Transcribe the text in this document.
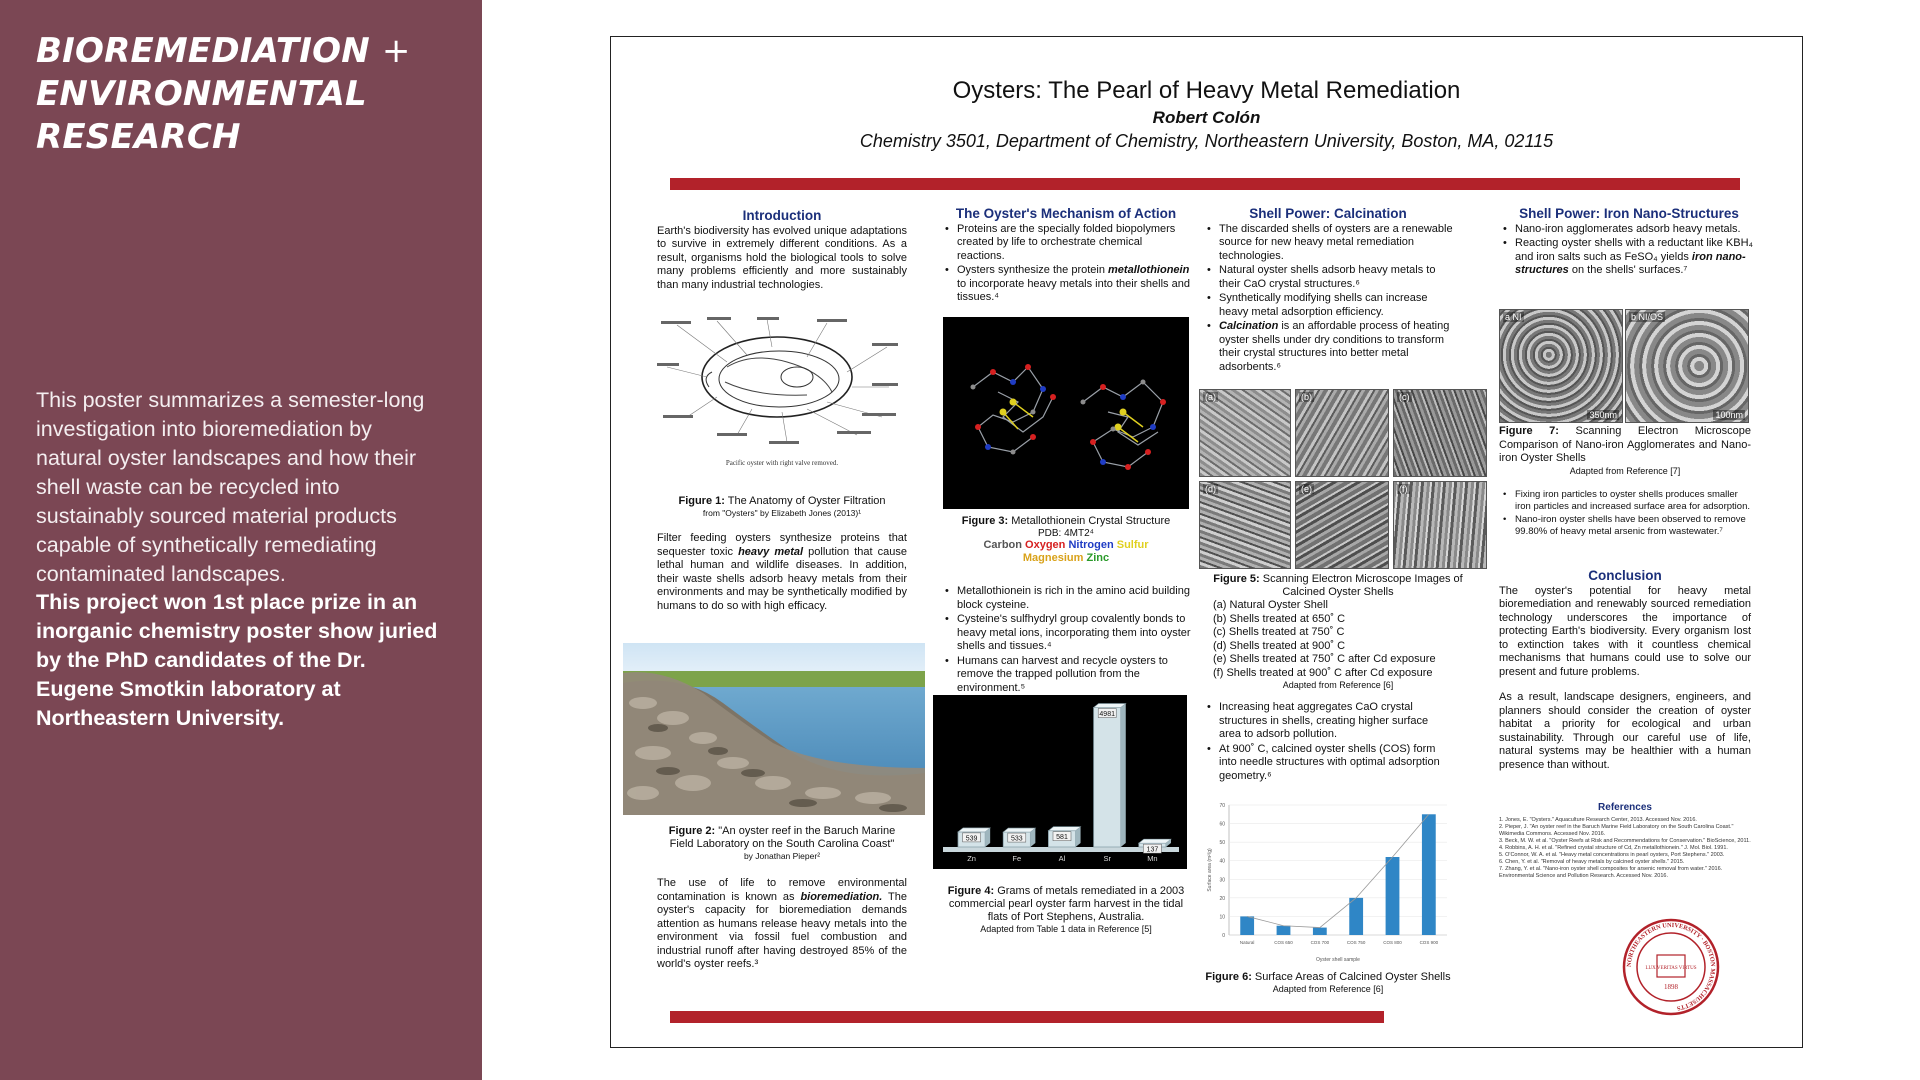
BIOREMEDIATION +
ENVIRONMENTAL
RESEARCH

This poster summarizes a semester-long investigation into bioremediation by natural oyster landscapes and how their shell waste can be recycled into sustainably sourced material products capable of synthetically remediating contaminated landscapes.

This project won 1st place prize in an inorganic chemistry poster show juried by the PhD candidates of the Dr. Eugene Smotkin laboratory at Northeastern University.

Oysters: The Pearl of Heavy Metal Remediation
Robert Colón
Chemistry 3501, Department of Chemistry, Northeastern University, Boston, MA, 02115
Introduction

Earth's biodiversity has evolved unique adaptations to survive in extremely different conditions. As a result, organisms hold the biological tools to solve many problems efficiently and more sustainably than many industrial technologies.

Pacific oyster with right valve removed.
Figure 1: The Anatomy of Oyster Filtration
from "Oysters" by Elizabeth Jones (2013)¹
Filter feeding oysters synthesize proteins that sequester toxic heavy metal pollution that cause lethal human and wildlife diseases. In addition, their waste shells adsorb heavy metals from their environments and may be synthetically modified by humans to do so with high efficacy.
Figure 2: "An oyster reef in the Baruch Marine Field Laboratory on the South Carolina Coast"
by Jonathan Pieper²
The use of life to remove environmental contamination is known as bioremediation. The oyster's capacity for bioremediation demands attention as humans release heavy metals into the environment via fossil fuel combustion and industrial runoff after having destroyed 85% of the world's oyster reefs.³
The Oyster's Mechanism of Action
• Proteins are the specially folded biopolymers created by life to orchestrate chemical reactions.
• Oysters synthesize the protein metallothionein to incorporate heavy metals into their shells and tissues.⁴
Figure 3: Metallothionein Crystal Structure
PDB: 4MT2⁴
Carbon Oxygen Nitrogen Sulfur
Magnesium Zinc
• Metallothionein is rich in the amino acid building block cysteine.
• Cysteine's sulfhydryl group covalently bonds to heavy metal ions, incorporating them into oyster shells and tissues.⁴
• Humans can harvest and recycle oysters to remove the trapped pollution from the environment.⁵
539
Zn
533
Fe
581
Al
4981
Sr
137
Mn
Figure 4: Grams of metals remediated in a 2003 commercial pearl oyster farm harvest in the tidal flats of Port Stephens, Australia.
Adapted from Table 1 data in Reference [5]
Shell Power: Calcination
• The discarded shells of oysters are a renewable source for new heavy metal remediation technologies.
• Natural oyster shells adsorb heavy metals to their CaO crystal structures.⁶
• Synthetically modifying shells can increase heavy metal adsorption efficiency.
• Calcination is an affordable process of heating oyster shells under dry conditions to transform their crystal structures into better metal adsorbents.⁶
(a)	(b)	(c)
(d)	(e)	(f)
Figure 5: Scanning Electron Microscope Images of Calcined Oyster Shells
(a) Natural Oyster Shell
(b) Shells treated at 650˚ C
(c) Shells treated at 750˚ C
(d) Shells treated at 900˚ C
(e) Shells treated at 750˚ C after Cd exposure
(f) Shells treated at 900˚ C after Cd exposure
Adapted from Reference [6]
• Increasing heat aggregates CaO crystal structures in shells, creating higher surface area to adsorb pollution.
• At 900˚ C, calcined oyster shells (COS) form into needle structures with optimal adsorption geometry.⁶
0
10
20
30
40
50
60
70
Surface area (m²/g)
Oyster shell sample
Natural	COS 650	COS 700	COS 750	COS 800	COS 900
Figure 6: Surface Areas of Calcined Oyster Shells
Adapted from Reference [6]
Shell Power: Iron Nano-Structures
• Nano-iron agglomerates adsorb heavy metals.
• Reacting oyster shells with a reductant like KBH₄ and iron salts such as FeSO₄ yields iron nano-structures on the shells' surfaces.⁷
a NI
350nm
b NI/OS
100nm
Figure 7: Scanning Electron Microscope Comparison of Nano-iron Agglomerates and Nano-iron Oyster Shells
Adapted from Reference [7]
• Fixing iron particles to oyster shells produces smaller iron particles and increased surface area for adsorption.
• Nano-iron oyster shells have been observed to remove 99.80% of heavy metal arsenic from wastewater.⁷
Conclusion

The oyster's potential for heavy metal bioremediation and renewably sourced remediation technology underscores the importance of protecting Earth's biodiversity. Every organism lost to extinction takes with it countless chemical mechanisms that humans could use to solve our present and future problems.

As a result, landscape designers, engineers, and planners should consider the creation of oyster habitat a priority for ecological and urban sustainability. Through our careful use of life, natural systems may be healthier with a human presence than without.

References
1. Jones, E. "Oysters." Aquaculture Research Center, 2013. Accessed Nov. 2016.
2. Pieper, J. "An oyster reef in the Baruch Marine Field Laboratory on the South Carolina Coast."
Wikimedia Commons. Accessed Nov. 2016.
3. Beck, M. W. et al. "Oyster Reefs at Risk and Recommendations for Conservation." BioScience, 2011.
4. Robbins, A. H. et al. "Refined crystal structure of Cd, Zn metallothionein." J. Mol. Biol. 1991.
5. O'Connor, W. A. et al. "Heavy metal concentrations in pearl oysters, Port Stephens." 2003.
6. Chen, Y. et al. "Removal of heavy metals by calcined oyster shells." 2015.
7. Zhang, Y. et al. "Nano-iron oyster shell composites for arsenic removal from water." 2016.
Environmental Science and Pollution Research. Accessed Nov. 2016.
NORTHEASTERN UNIVERSITY · BOSTON MASSACHUSETTS
LUX VERITAS VIRTUS
1898
